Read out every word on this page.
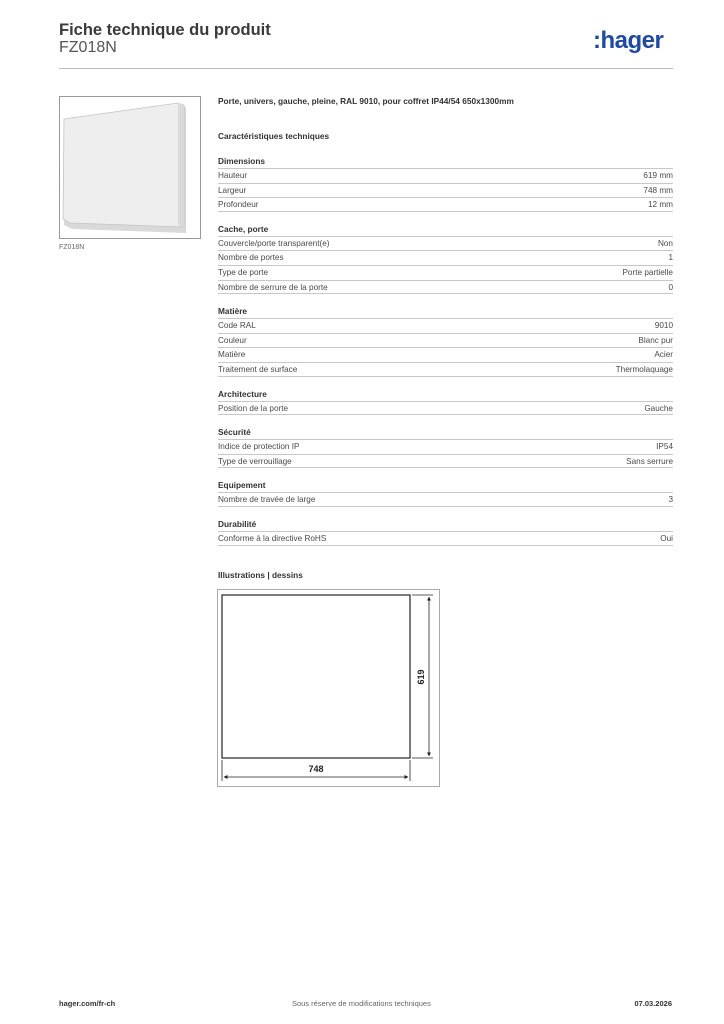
Fiche technique du produit
FZ018N	:hager
FZ018N
Porte, univers, gauche, pleine, RAL 9010, pour coffret IP44/54 650x1300mm
Caractéristiques techniques
Dimensions
Hauteur	619 mm
Largeur	748 mm
Profondeur	12 mm
Cache, porte
Couvercle/porte transparent(e)	Non
Nombre de portes	1
Type de porte	Porte partielle
Nombre de serrure de la porte	0
Matière
Code RAL	9010
Couleur	Blanc pur
Matière	Acier
Traitement de surface	Thermolaquage
Architecture
Position de la porte	Gauche
Sécurité
Indice de protection IP	IP54
Type de verrouillage	Sans serrure
Equipement
Nombre de travée de large	3
Durabilité
Conforme à la directive RoHS	Oui
Illustrations | dessins
619
748
hager.com/fr-ch	Sous réserve de modifications techniques	07.03.2026
